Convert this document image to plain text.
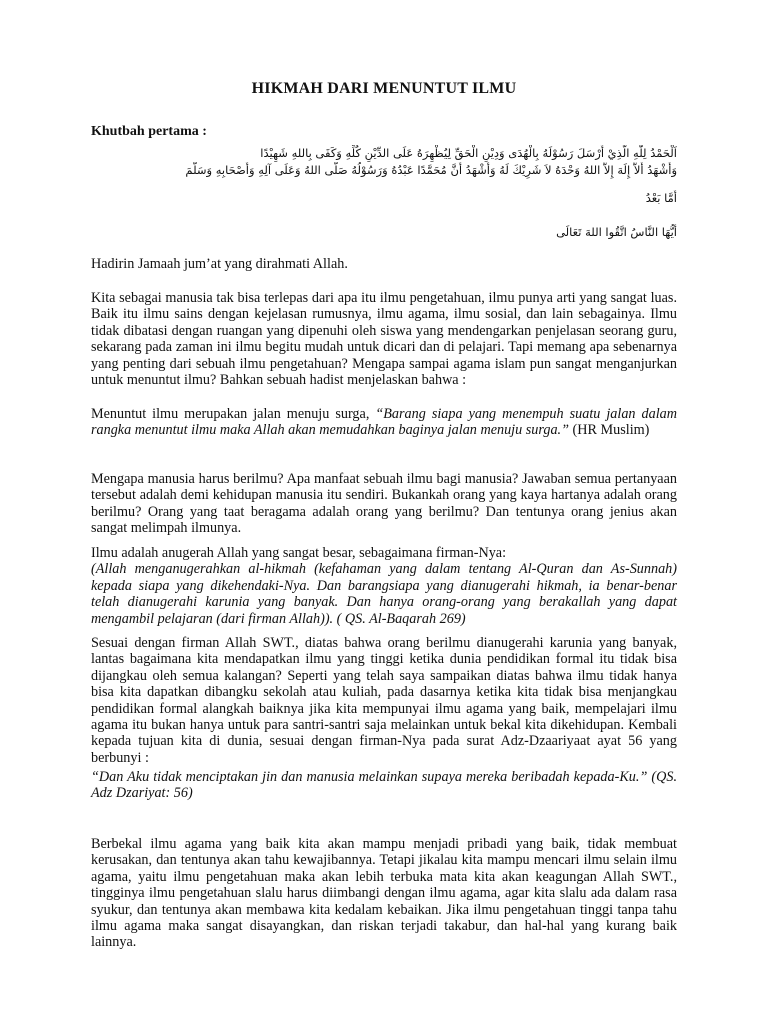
HIKMAH DARI MENUNTUT ILMU
Khutbah pertama :
اَلْحَمْدُ لِلّٰهِ الَّذِيْ أَرْسَلَ رَسُوْلَهُ بِالْهُدَى وَدِيْنِ الْحَقِّ لِيُظْهِرَهُ عَلَى الدِّيْنِ كُلِّهِ وَكَفَى بِاللهِ شَهِيْدًا
وَأَشْهَدُ أَلاَّ إِلَهَ إِلاَّ اللهُ وَحْدَهُ لاَ شَرِيْكَ لَهُ وَأَشْهَدُ أَنَّ مُحَمَّدًا عَبْدُهُ وَرَسُوْلُهُ صَلَّى اللهُ وَعَلَى آلِهِ وَأَصْحَابِهِ وَسَلَّمَ
أَمَّا بَعْدُ
أَيُّهَا النَّاسُ اتَّقُوا اللهَ تَعَالَى
Hadirin Jamaah jum’at yang dirahmati Allah.
Kita sebagai manusia tak bisa terlepas dari apa itu ilmu pengetahuan, ilmu punya arti yang sangat luas. Baik itu ilmu sains dengan kejelasan rumusnya, ilmu agama, ilmu sosial, dan lain sebagainya. Ilmu tidak dibatasi dengan ruangan yang dipenuhi oleh siswa yang mendengarkan penjelasan seorang guru, sekarang pada zaman ini ilmu begitu mudah untuk dicari dan di pelajari. Tapi memang apa sebenarnya yang penting dari sebuah ilmu pengetahuan? Mengapa sampai agama islam pun sangat menganjurkan untuk menuntut ilmu? Bahkan sebuah hadist menjelaskan bahwa :
Menuntut ilmu merupakan jalan menuju surga, “Barang siapa yang menempuh suatu jalan dalam rangka menuntut ilmu maka Allah akan memudahkan baginya jalan menuju surga.” (HR Muslim)
Mengapa manusia harus berilmu? Apa manfaat sebuah ilmu bagi manusia? Jawaban semua pertanyaan tersebut adalah demi kehidupan manusia itu sendiri. Bukankah orang yang kaya hartanya adalah orang berilmu? Orang yang taat beragama adalah orang yang berilmu? Dan tentunya orang jenius akan sangat melimpah ilmunya.
Ilmu adalah anugerah Allah yang sangat besar, sebagaimana firman-Nya:
(Allah menganugerahkan al-hikmah (kefahaman yang dalam tentang Al-Quran dan As-Sunnah) kepada siapa yang dikehendaki-Nya. Dan barangsiapa yang dianugerahi hikmah, ia benar-benar telah dianugerahi karunia yang banyak. Dan hanya orang-orang yang berakallah yang dapat mengambil pelajaran (dari firman Allah)). ( QS. Al-Baqarah 269)
Sesuai dengan firman Allah SWT., diatas bahwa orang berilmu dianugerahi karunia yang banyak, lantas bagaimana kita mendapatkan ilmu yang tinggi ketika dunia pendidikan formal itu tidak bisa dijangkau oleh semua kalangan? Seperti yang telah saya sampaikan diatas bahwa ilmu tidak hanya bisa kita dapatkan dibangku sekolah atau kuliah, pada dasarnya ketika kita tidak bisa menjangkau pendidikan formal alangkah baiknya jika kita mempunyai ilmu agama yang baik, mempelajari ilmu agama itu bukan hanya untuk para santri-santri saja melainkan untuk bekal kita dikehidupan. Kembali kepada tujuan kita di dunia, sesuai dengan firman-Nya pada surat Adz-Dzaariyaat ayat 56 yang berbunyi :
“Dan Aku tidak menciptakan jin dan manusia melainkan supaya mereka beribadah kepada-Ku.” (QS. Adz Dzariyat: 56)
Berbekal ilmu agama yang baik kita akan mampu menjadi pribadi yang baik, tidak membuat kerusakan, dan tentunya akan tahu kewajibannya. Tetapi jikalau kita mampu mencari ilmu selain ilmu agama, yaitu ilmu pengetahuan maka akan lebih terbuka mata kita akan keagungan Allah SWT., tingginya ilmu pengetahuan slalu harus diimbangi dengan ilmu agama, agar kita slalu ada dalam rasa syukur, dan tentunya akan membawa kita kedalam kebaikan. Jika ilmu pengetahuan tinggi tanpa tahu ilmu agama maka sangat disayangkan, dan riskan terjadi takabur, dan hal-hal yang kurang baik lainnya.
